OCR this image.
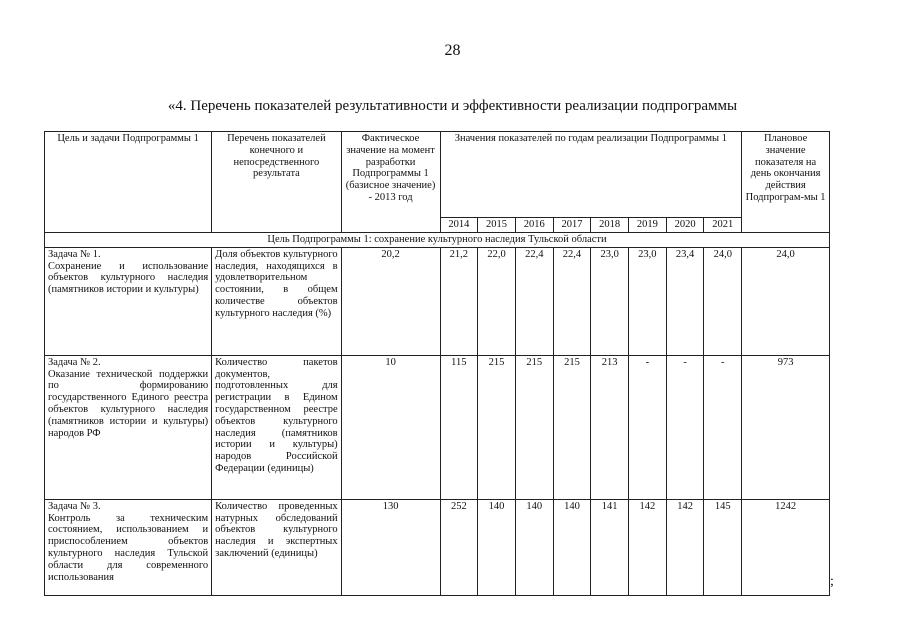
28
«4. Перечень показателей результативности и эффективности реализации подпрограммы
Цель и задачи Подпрограммы 1	Перечень показателей конечного и непосредственного результата	Фактическое значение на момент разработки Подпрограммы 1 (базисное значение) - 2013 год	Значения показателей по годам реализации Подпрограммы 1								Плановое значение показателя на день окончания действия Подпрограм-мы 1
			2014	2015	2016	2017	2018	2019	2020	2021	
Цель Подпрограммы 1: сохранение культурного наследия Тульской области											

Задача № 1.
Сохранение и использование объектов культурного наследия (памятников истории и культуры)	Доля объектов культурного наследия, находящихся в удовлетворительном состоянии, в общем количестве объектов культурного наследия (%)	20,2	21,2	22,0	22,4	22,4	23,0	23,0	23,4	24,0	24,0

Задача № 2.
Оказание технической поддержки по формированию государственного Единого реестра объектов культурного наследия (памятников истории и культуры) народов РФ	Количество пакетов документов, подготовленных для регистрации в Едином государственном реестре объектов культурного наследия (памятников истории и культуры) народов Российской Федерации (единицы)	10	115	215	215	215	213	-	-	-	973

Задача № 3.
Контроль за техническим состоянием, использованием и приспособлением объектов культурного наследия Тульской области для современного использования	Количество проведенных натурных обследований объектов культурного наследия и экспертных заключений (единицы)	130	252	140	140	140	141	142	142	145	1242
;
